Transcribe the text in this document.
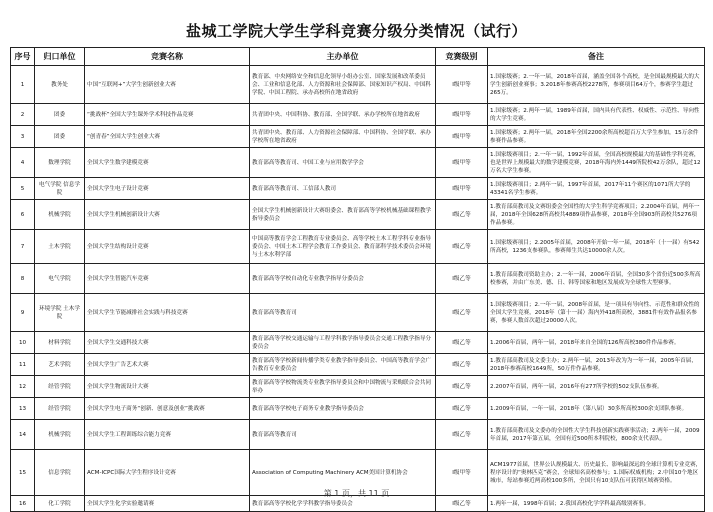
盐城工学院大学生学科竞赛分级分类情况（试行）
序号	归口单位	竞赛名称	主办单位	竞赛级别	备注
1	教务处	中国“互联网+”大学生创新创业大赛	教育部、中央网络安全和信息化领导小组办公室、国家发展和改革委员会、工业和信息化部、人力资源和社会保障部、国家知识产权局、中国科学院、中国工程院、承办高校所在地省政府	Ⅰ级甲等	1.国家级赛；2.一年一届，2018年首届，涵盖全国各个高校，是全国最规模最大的大学生创新创业赛事；3.2018年参赛高校2278所，参赛项目64万个，参赛学生超过265万。
2	团委	“挑战杯”全国大学生课外学术科技作品竞赛	共青团中央、中国科协、教育部、全国学联、承办学校所在地省政府	Ⅰ级甲等	1.国家级赛；2.两年一届，1989年首届，国内具有代表性、权威性、示范性、导向性的大学生竞赛。
3	团委	“创青春”全国大学生创业大赛	共青团中央、教育部、人力资源社会保障部、中国科协、全国学联、承办学校所在地省政府	Ⅰ级甲等	1.国家级赛；2.两年一届，2018年全国2200余所高校超百万大学生参加，15万余件参赛作品参赛。
4	数理学院	全国大学生数学建模竞赛	教育部高等教育司、中国工业与应用数学学会	Ⅰ级甲等	1.国家级赛项目；2.一年一届，1992年首届，全国高校规模最大的基础性学科竞赛，也是世界上规模最大的数学建模竞赛，2018年海内外1449所院校42万余队，超过12万名大学生参赛。
5	电气学院 信息学院	全国大学生电子设计竞赛	教育部高等教育司、工信部人教司	Ⅰ级甲等	1.国家级赛项目；2.两年一届，1997年首届，2017年11个赛区的1071所大学的43341名学生参赛。
6	机械学院	全国大学生机械创新设计大赛	全国大学生机械创新设计大赛组委会、教育部高等学校机械基础课程教学指导委员会	Ⅰ级乙等	1.教育部高教司及文赛组委会全国性的大学生科学竞赛项目；2.2004年首届，两年一届，2018年全国628所高校共4889项作品参赛，2018年全国903所高校共5276项作品参赛。
7	土木学院	全国大学生结构设计竞赛	中国高等教育学会工程教育专业委员会、高等学校土木工程学科专业指导委员会、中国土木工程学会教育工作委员会、教育部科学技术委员会环境与土木水利学部	Ⅰ级乙等	1.国家级赛项目；2.2005年首届，2008年开始一年一届，2018年（十一届）有542所高校，1236支参赛队，参赛师生共达10000余人次。
8	电气学院	全国大学生智能汽车竞赛	教育部高等学校自动化专业教学指导分委员会	Ⅰ级乙等	1.教育部高教司资助主办；2.一年一届，2006年首届，全国30多个省份近500多所高校参赛，并由广东美、德、日、韩等国家和地区发展成为全球性大型赛事。
9	环境学院 土木学院	全国大学生节能减排社会实践与科技竞赛	教育部高等教育司	Ⅰ级乙等	1.国家级赛项目；2.一年一届，2008年首届，是一项具有导向性、示范性和群众性的全国大学生竞赛，2018年（第十一届）海内外418所高校，3881件有效作品报名参赛，参赛人数首次超过20000人次。
10	材料学院	全国大学生交通科技大赛	教育部高等学校交通运输与工程学科教学指导委员会交通工程教学指导分委员会	Ⅰ级乙等	1.2006年首届，两年一届，2018年来自全国的126所高校380件作品参赛。
11	艺术学院	全国大学生广告艺术大赛	教育部高等学校新闻传播学类专业教学指导委员会、中国高等教育学会广告教育专业委员会	Ⅰ级乙等	1.教育部高教司及文委主办；2.两年一届，2013年改为为一年一届，2005年首届，2018年参赛高校1649所，50万件作品参赛。
12	经管学院	全国大学生物流设计大赛	教育部高等学校物流类专业教学指导委员会和中国物流与采购联合会共同举办	Ⅰ级乙等	2.2007年首届，两年一届，2016年有277所学校的502支队伍参赛。
13	经管学院	全国大学生电子商务“创新、创意及创业”挑战赛	教育部高等学校电子商务专业教学指导委员会	Ⅰ级乙等	1.2009年首届，一年一届，2018年（第八届）30多所高校300余支团队参赛。
14	机械学院	全国大学生工程训练综合能力竞赛	教育部高等教育司	Ⅰ级乙等	1.教育部高教司及文委办的全国性大学生科技创新实践赛事活动；2.两年一届，2009年首届，2017年第五届，全国有近500所本科院校，800余支代表队。
15	信息学院	ACM-ICPC国际大学生程序设计竞赛	Association of Computing Machinery ACM美国计算机协会	Ⅰ级甲等	ACM1977首届，世界公认规模最大、历史最长、影响最深远的全球计算机专业竞赛，程序设计的“奥林匹克”赛会，全球知名高校参与；1.国际权威机构；2.中国10个地区城市，每站参赛近两高校100多所，全国只有10支队伍可获得区域赛资格。
16	化工学院	全国大学生化学实验邀请赛	教育部高等学校化学学科教学指导委员会	Ⅰ级乙等	1.两年一届，1998年首届；2.我国高校化学学科最高级别赛事。
第 1 页，共 11 页
